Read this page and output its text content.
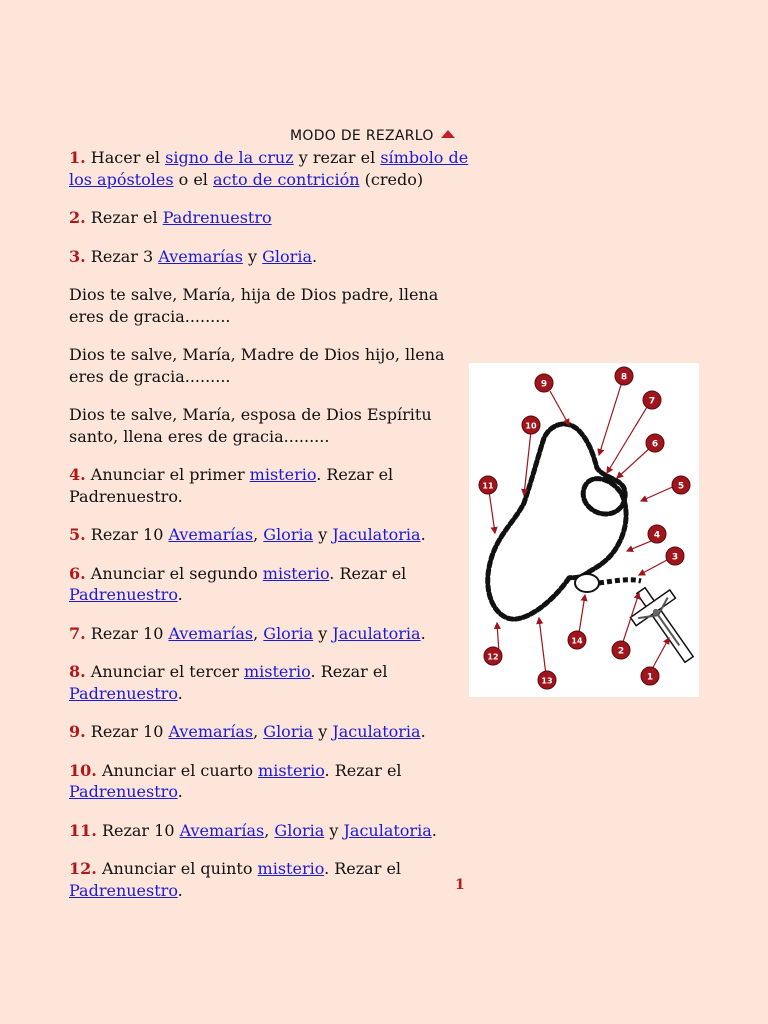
MODO DE REZARLO

1. Hacer el signo de la cruz y rezar el símbolo de los apóstoles o el acto de contrición (credo)

2. Rezar el Padrenuestro

3. Rezar 3 Avemarías y Gloria.

Dios te salve, María, hija de Dios padre, llena eres de gracia.........

Dios te salve, María, Madre de Dios hijo, llena eres de gracia.........

Dios te salve, María, esposa de Dios Espíritu santo, llena eres de gracia.........

4. Anunciar el primer misterio. Rezar el Padrenuestro.

5. Rezar 10 Avemarías, Gloria y Jaculatoria.

6. Anunciar el segundo misterio. Rezar el Padrenuestro.

7. Rezar 10 Avemarías, Gloria y Jaculatoria.

8. Anunciar el tercer misterio. Rezar el Padrenuestro.

9. Rezar 10 Avemarías, Gloria y Jaculatoria.

10. Anunciar el cuarto misterio. Rezar el Padrenuestro.

11. Rezar 10 Avemarías, Gloria y Jaculatoria.

12. Anunciar el quinto misterio. Rezar el Padrenuestro.	1
1
2
3
4
5
6
7
8
9
10
11
12
13
14
